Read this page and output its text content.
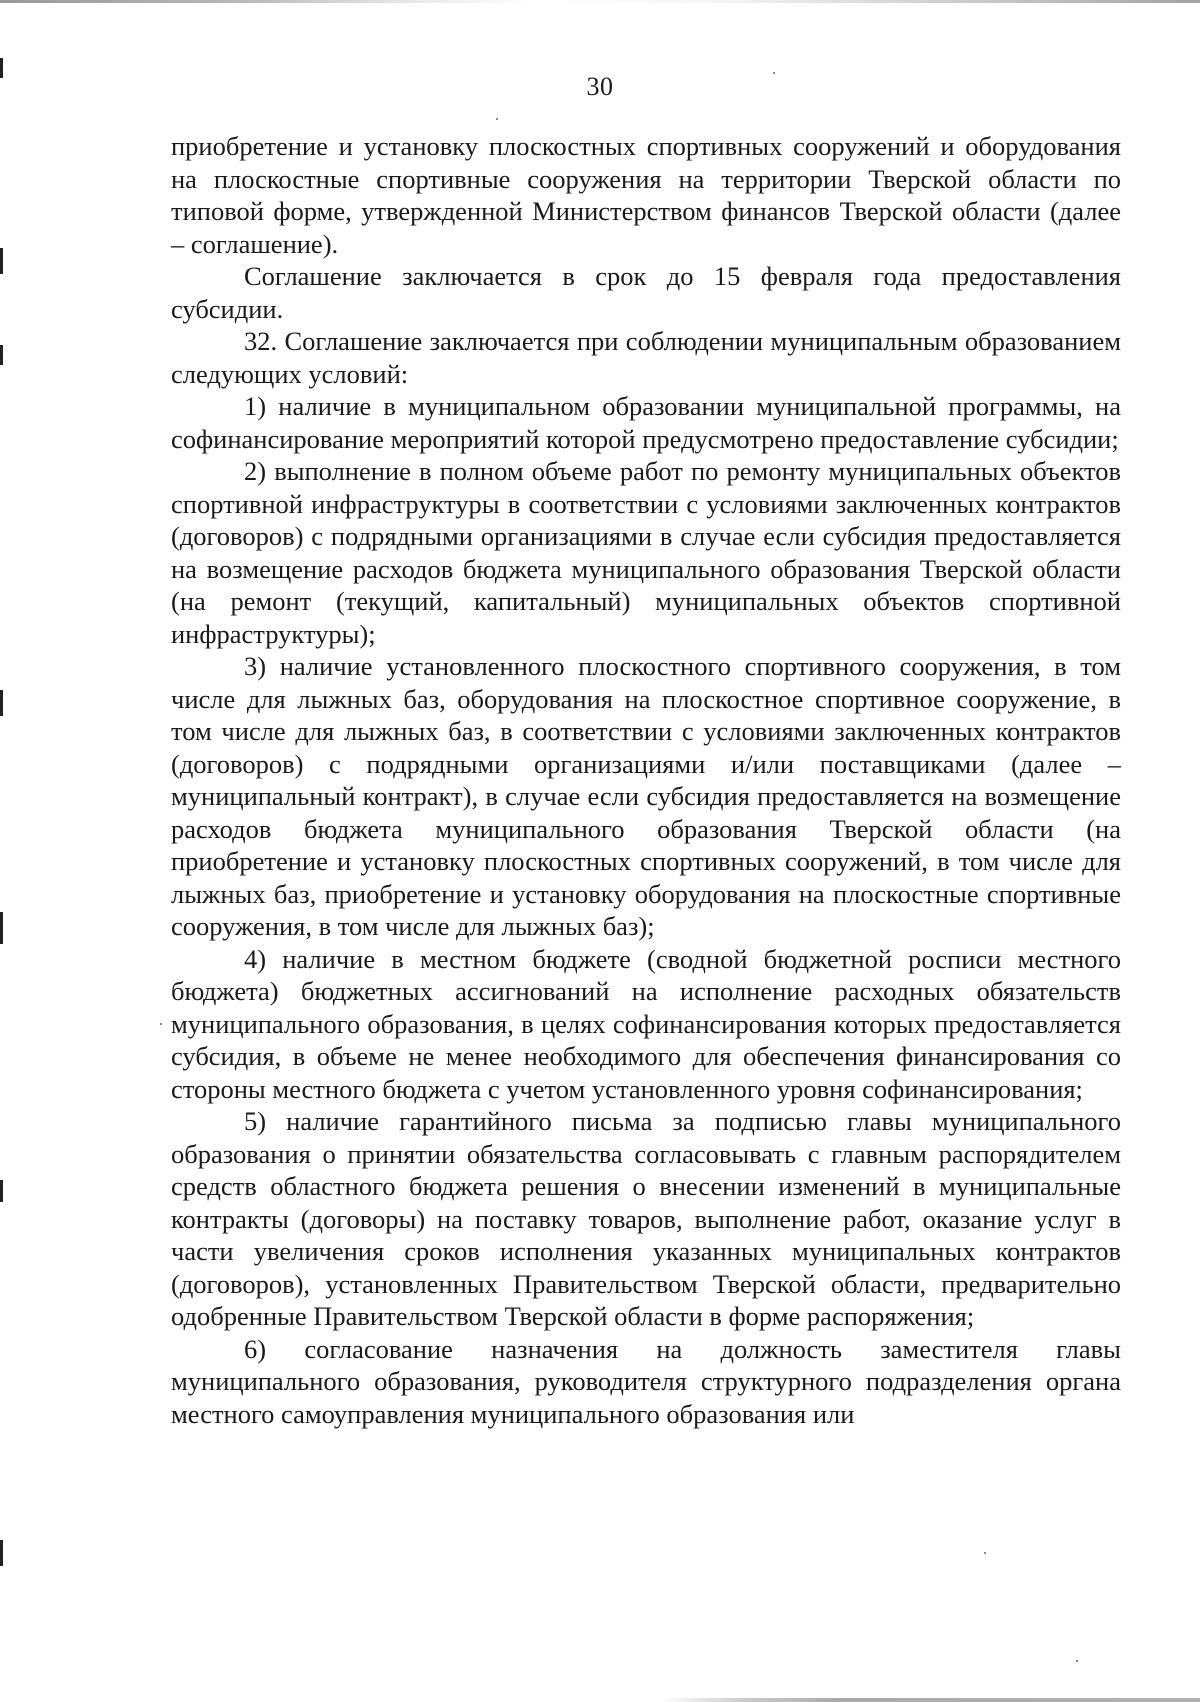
30

приобретение и установку плоскостных спортивных сооружений и оборудования на плоскостные спортивные сооружения на территории Тверской области по типовой форме, утвержденной Министерством финансов Тверской области (далее – соглашение).

Соглашение заключается в срок до 15 февраля года предоставления субсидии.

32. Соглашение заключается при соблюдении муниципальным образованием следующих условий:

1) наличие в муниципальном образовании муниципальной программы, на софинансирование мероприятий которой предусмотрено предоставление субсидии;

2) выполнение в полном объеме работ по ремонту муниципальных объектов спортивной инфраструктуры в соответствии с условиями заключенных контрактов (договоров) с подрядными организациями в случае если субсидия предоставляется на возмещение расходов бюджета муниципального образования Тверской области (на ремонт (текущий, капитальный) муниципальных объектов спортивной инфраструктуры);

3) наличие установленного плоскостного спортивного сооружения, в том числе для лыжных баз, оборудования на плоскостное спортивное сооружение, в том числе для лыжных баз, в соответствии с условиями заключенных контрактов (договоров) с подрядными организациями и/или поставщиками (далее – муниципальный контракт), в случае если субсидия предоставляется на возмещение расходов бюджета муниципального образования Тверской области (на приобретение и установку плоскостных спортивных сооружений, в том числе для лыжных баз, приобретение и установку оборудования на плоскостные спортивные сооружения, в том числе для лыжных баз);

4) наличие в местном бюджете (сводной бюджетной росписи местного бюджета) бюджетных ассигнований на исполнение расходных обязательств муниципального образования, в целях софинансирования которых предоставляется субсидия, в объеме не менее необходимого для обеспечения финансирования со стороны местного бюджета с учетом установленного уровня софинансирования;

5) наличие гарантийного письма за подписью главы муниципального образования о принятии обязательства согласовывать с главным распорядителем средств областного бюджета решения о внесении изменений в муниципальные контракты (договоры) на поставку товаров, выполнение работ, оказание услуг в части увеличения сроков исполнения указанных муниципальных контрактов (договоров), установленных Правительством Тверской области, предварительно одобренные Правительством Тверской области в форме распоряжения;

6) согласование назначения на должность заместителя главы муниципального образования, руководителя структурного подразделения органа местного самоуправления муниципального образования или
